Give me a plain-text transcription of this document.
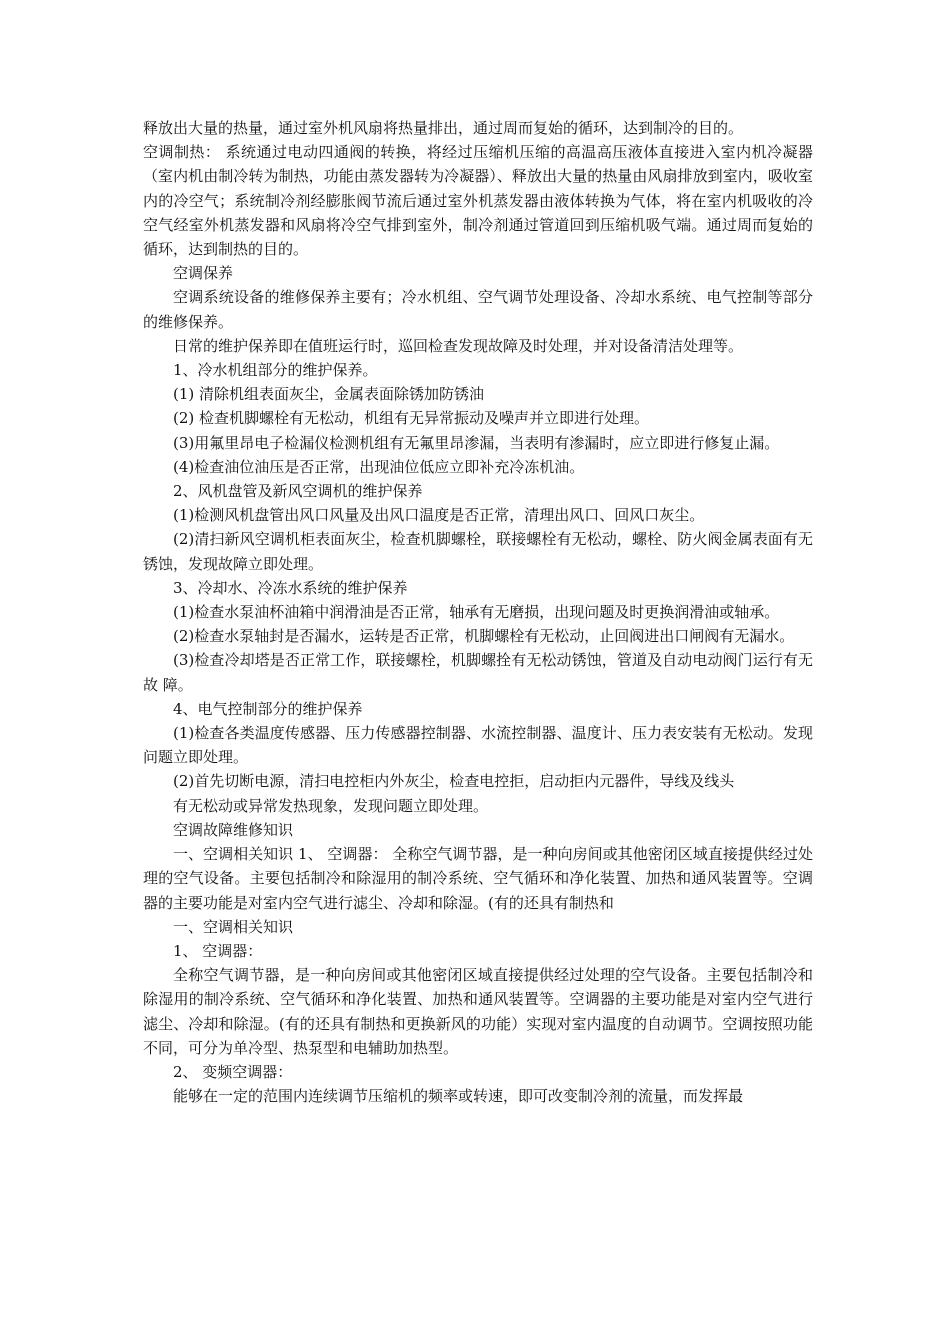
释放出大量的热量，通过室外机风扇将热量排出，通过周而复始的循环，达到制冷的目的。

空调制热： 系统通过电动四通阀的转换，将经过压缩机压缩的高温高压液体直接进入室内机冷凝器（室内机由制冷转为制热，功能由蒸发器转为冷凝器）、释放出大量的热量由风扇排放到室内，吸收室内的冷空气；系统制冷剂经膨胀阀节流后通过室外机蒸发器由液体转换为气体，将在室内机吸收的冷空气经室外机蒸发器和风扇将冷空气排到室外，制冷剂通过管道回到压缩机吸气端。通过周而复始的循环，达到制热的目的。

空调保养

空调系统设备的维修保养主要有；冷水机组、空气调节处理设备、冷却水系统、电气控制等部分的维修保养。

日常的维护保养即在值班运行时，巡回检查发现故障及时处理，并对设备清洁处理等。

1、冷水机组部分的维护保养。

(1) 清除机组表面灰尘，金属表面除锈加防锈油

(2) 检查机脚螺栓有无松动，机组有无异常振动及噪声并立即进行处理。

(3)用氟里昂电子检漏仪检测机组有无氟里昂渗漏，当表明有渗漏时，应立即进行修复止漏。

(4)检查油位油压是否正常，出现油位低应立即补充冷冻机油。

2、风机盘管及新风空调机的维护保养

(1)检测风机盘管出风口风量及出风口温度是否正常，清理出风口、回风口灰尘。

(2)清扫新风空调机柜表面灰尘，检查机脚螺栓，联接螺栓有无松动，螺栓、防火阀金属表面有无锈蚀，发现故障立即处理。

3、冷却水、冷冻水系统的维护保养

(1)检查水泵油杯油箱中润滑油是否正常，轴承有无磨损，出现问题及时更换润滑油或轴承。

(2)检查水泵轴封是否漏水，运转是否正常，机脚螺栓有无松动，止回阀进出口闸阀有无漏水。

(3)检查冷却塔是否正常工作，联接螺栓，机脚螺拴有无松动锈蚀，管道及自动电动阀门运行有无故 障。

4、电气控制部分的维护保养

(1)检查各类温度传感器、压力传感器控制器、水流控制器、温度计、压力表安装有无松动。发现问题立即处理。

(2)首先切断电源，清扫电控柜内外灰尘，检查电控拒，启动拒内元器件，导线及线头

有无松动或异常发热现象，发现问题立即处理。

空调故障维修知识

一、空调相关知识 1、 空调器： 全称空气调节器，是一种向房间或其他密闭区域直接提供经过处理的空气设备。主要包括制冷和除湿用的制冷系统、空气循环和净化装置、加热和通风装置等。空调器的主要功能是对室内空气进行滤尘、冷却和除湿。(有的还具有制热和

一、空调相关知识

1、 空调器：

全称空气调节器，是一种向房间或其他密闭区域直接提供经过处理的空气设备。主要包括制冷和除湿用的制冷系统、空气循环和净化装置、加热和通风装置等。空调器的主要功能是对室内空气进行滤尘、冷却和除湿。(有的还具有制热和更换新风的功能）实现对室内温度的自动调节。空调按照功能不同，可分为单冷型、热泵型和电辅助加热型。

2、 变频空调器：

能够在一定的范围内连续调节压缩机的频率或转速，即可改变制冷剂的流量，而发挥最
